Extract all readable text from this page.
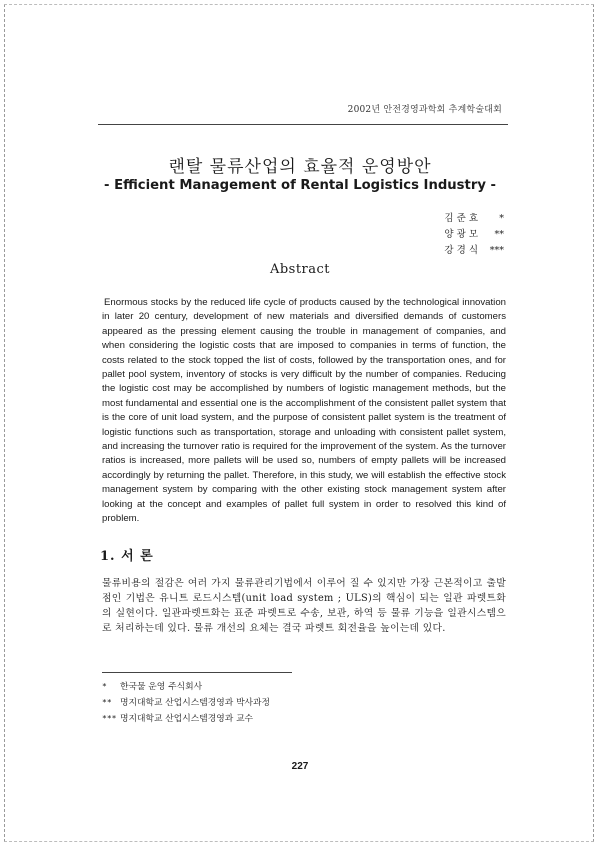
2002년 안전경영과학회 추계학술대회
랜탈 물류산업의 효율적 운영방안
- Efficient Management of Rental Logistics Industry -
김 준 효 *
양 광 모 **
강 경 식 ***
Abstract
Enormous stocks by the reduced life cycle of products caused by the technological innovation in later 20 century, development of new materials and diversified demands of customers appeared as the pressing element causing the trouble in management of companies, and when considering the logistic costs that are imposed to companies in terms of function, the costs related to the stock topped the list of costs, followed by the transportation ones, and for pallet pool system, inventory of stocks is very difficult by the number of companies. Reducing the logistic cost may be accomplished by numbers of logistic management methods, but the most fundamental and essential one is the accomplishment of the consistent pallet system that is the core of unit load system, and the purpose of consistent pallet system is the treatment of logistic functions such as transportation, storage and unloading with consistent pallet system, and increasing the turnover ratio is required for the improvement of the system. As the turnover ratios is increased, more pallets will be used so, numbers of empty pallets will be increased accordingly by returning the pallet. Therefore, in this study, we will establish the effective stock management system by comparing with the other existing stock management system after looking at the concept and examples of pallet full system in order to resolved this kind of problem.
1. 서 론
물류비용의 절감은 여러 가지 물류관리기법에서 이루어 질 수 있지만 가장 근본적이고 출발점인 기법은 유니트 로드시스템(unit load system ; ULS)의 핵심이 되는 일관 파렛트화의 실현이다. 일관파렛트화는 표준 파렛트로 수송, 보관, 하역 등 물류 기능을 일관시스템으로 처리하는데 있다. 물류 개선의 요체는 결국 파렛트 회전율을 높이는데 있다.
* 한국물 운영 주식회사
** 명지대학교 산업시스템경영과 박사과정
*** 명지대학교 산업시스템경영과 교수
227
